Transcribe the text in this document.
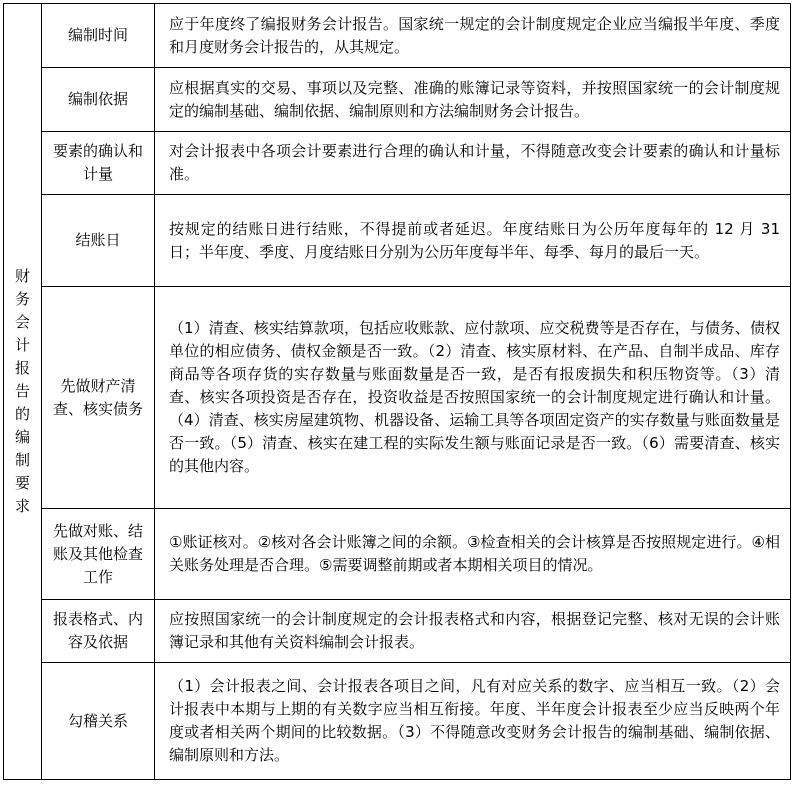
财务会计报告的编制要求	编制时间	应于年度终了编报财务会计报告。国家统一规定的会计制度规定企业应当编报半年度、季度和月度财务会计报告的，从其规定。
	编制依据	应根据真实的交易、事项以及完整、准确的账簿记录等资料，并按照国家统一的会计制度规定的编制基础、编制依据、编制原则和方法编制财务会计报告。
	要素的确认和计量	对会计报表中各项会计要素进行合理的确认和计量，不得随意改变会计要素的确认和计量标准。
	结账日	按规定的结账日进行结账，不得提前或者延迟。年度结账日为公历年度每年的 12 月 31 日；半年度、季度、月度结账日分别为公历年度每半年、每季、每月的最后一天。
	先做财产清查、核实债务	（1）清查、核实结算款项，包括应收账款、应付款项、应交税费等是否存在，与债务、债权单位的相应债务、债权金额是否一致。（2）清查、核实原材料、在产品、自制半成品、库存商品等各项存货的实存数量与账面数量是否一致，是否有报废损失和积压物资等。（3）清查、核实各项投资是否存在，投资收益是否按照国家统一的会计制度规定进行确认和计量。（4）清查、核实房屋建筑物、机器设备、运输工具等各项固定资产的实存数量与账面数量是否一致。（5）清查、核实在建工程的实际发生额与账面记录是否一致。（6）需要清查、核实的其他内容。
	先做对账、结账及其他检查工作	①账证核对。②核对各会计账簿之间的余额。③检查相关的会计核算是否按照规定进行。④相关账务处理是否合理。⑤需要调整前期或者本期相关项目的情况。
	报表格式、内容及依据	应按照国家统一的会计制度规定的会计报表格式和内容，根据登记完整、核对无误的会计账簿记录和其他有关资料编制会计报表。
	勾稽关系	（1）会计报表之间、会计报表各项目之间，凡有对应关系的数字、应当相互一致。（2）会计报表中本期与上期的有关数字应当相互衔接。年度、半年度会计报表至少应当反映两个年度或者相关两个期间的比较数据。（3）不得随意改变财务会计报告的编制基础、编制依据、编制原则和方法。
